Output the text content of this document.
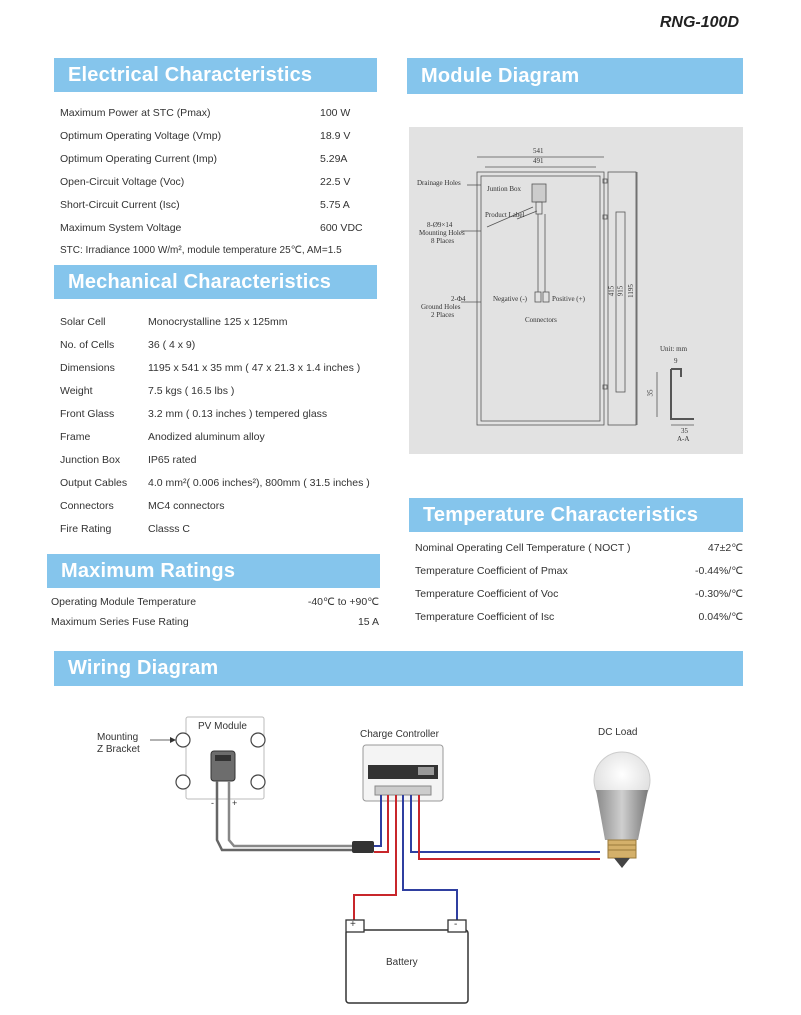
RNG-100D
Electrical Characteristics
Maximum Power at STC (Pmax)	100 W
Optimum Operating Voltage (Vmp)	18.9 V
Optimum Operating Current (Imp)	5.29A
Open-Circuit Voltage (Voc)	22.5 V
Short-Circuit Current (Isc)	5.75 A
Maximum System Voltage	600 VDC
STC: Irradiance 1000 W/m², module temperature 25℃, AM=1.5
Mechanical Characteristics
Solar Cell	Monocrystalline 125 x 125mm
No. of Cells	36 ( 4 x 9)
Dimensions	1195 x 541 x 35 mm ( 47 x 21.3 x 1.4 inches )
Weight	7.5 kgs ( 16.5 lbs )
Front Glass	3.2 mm ( 0.13 inches ) tempered glass
Frame	Anodized aluminum alloy
Junction Box	IP65 rated
Output Cables 4.0 mm²( 0.006 inches²), 800mm ( 31.5 inches )
Connectors	MC4 connectors
Fire Rating	Classs C
Maximum Ratings
Operating Module Temperature	-40℃ to +90℃
Maximum Series Fuse Rating	15 A
Module Diagram
541
491
Drainage Holes
Juntion Box
Product Label
8-Ø9×14
Mounting Holes
8 Places
2-Φ4
Ground Holes
2 Places
Negative (-)	Positive (+)
Connectors
415 915 1195
Unit: mm
9
35
35
A-A
Temperature Characteristics
Nominal Operating Cell Temperature ( NOCT )	47±2℃
Temperature Coefficient of Pmax	-0.44%/℃
Temperature Coefficient of Voc	-0.30%/℃
Temperature Coefficient of Isc	0.04%/℃
Wiring Diagram
PV Module
Mounting
Z Bracket
- +
Charge Controller	DC Load
Battery
+	-
